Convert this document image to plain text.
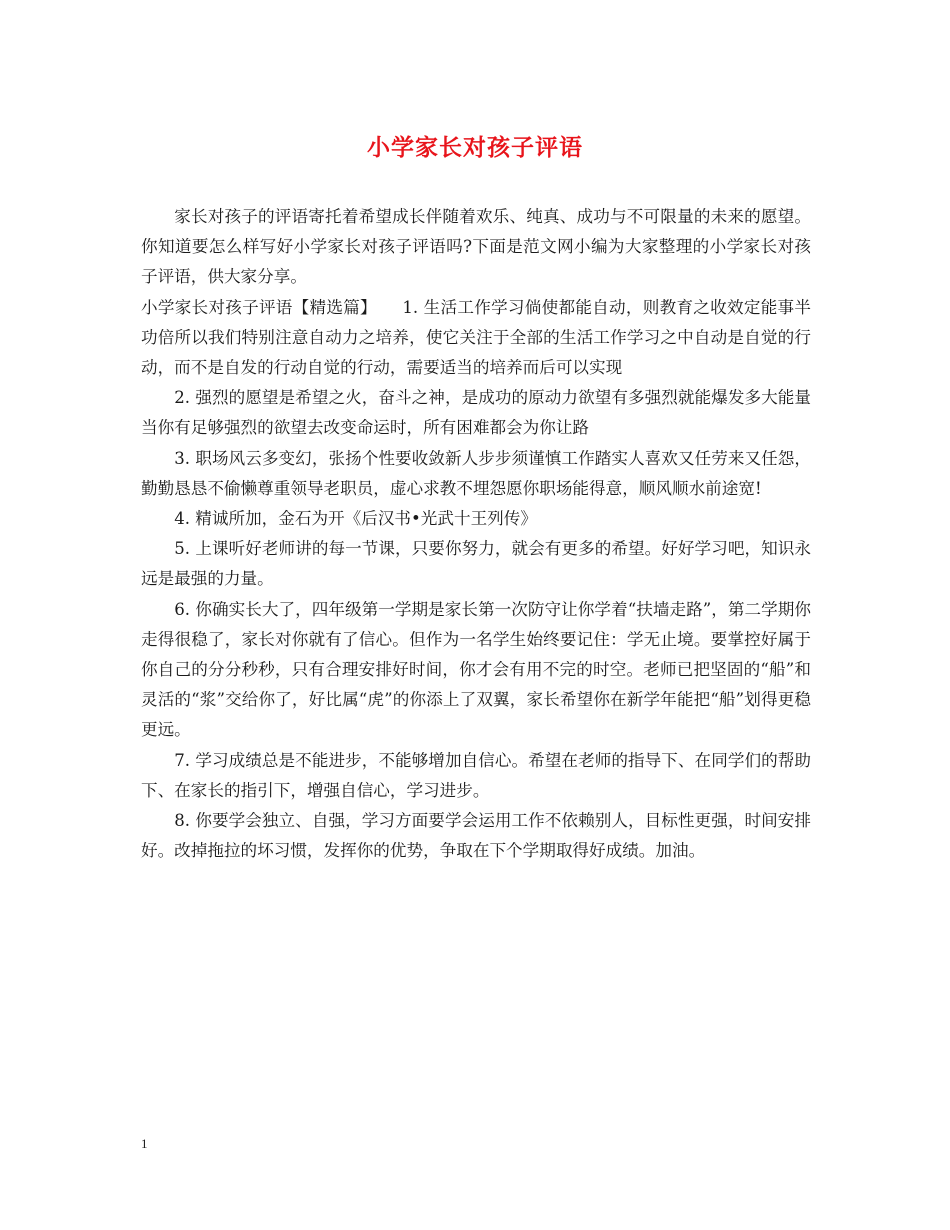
小学家长对孩子评语

家长对孩子的评语寄托着希望成长伴随着欢乐、纯真、成功与不可限量的未来的愿望。你知道要怎么样写好小学家长对孩子评语吗?下面是范文网小编为大家整理的小学家长对孩子评语，供大家分享。

小学家长对孩子评语【精选篇】　　1. 生活工作学习倘使都能自动，则教育之收效定能事半功倍所以我们特别注意自动力之培养，使它关注于全部的生活工作学习之中自动是自觉的行动，而不是自发的行动自觉的行动，需要适当的培养而后可以实现

2. 强烈的愿望是希望之火，奋斗之神，是成功的原动力欲望有多强烈就能爆发多大能量当你有足够强烈的欲望去改变命运时，所有困难都会为你让路

3. 职场风云多变幻，张扬个性要收敛新人步步须谨慎工作踏实人喜欢又任劳来又任怨，勤勤恳恳不偷懒尊重领导老职员，虚心求教不埋怨愿你职场能得意，顺风顺水前途宽!

4. 精诚所加，金石为开《后汉书•光武十王列传》

5. 上课听好老师讲的每一节课，只要你努力，就会有更多的希望。好好学习吧，知识永远是最强的力量。

6. 你确实长大了，四年级第一学期是家长第一次防守让你学着“扶墙走路”，第二学期你走得很稳了，家长对你就有了信心。但作为一名学生始终要记住：学无止境。要掌控好属于你自己的分分秒秒，只有合理安排好时间，你才会有用不完的时空。老师已把坚固的“船”和灵活的“浆”交给你了，好比属“虎”的你添上了双翼，家长希望你在新学年能把“船”划得更稳更远。

7. 学习成绩总是不能进步，不能够增加自信心。希望在老师的指导下、在同学们的帮助下、在家长的指引下，增强自信心，学习进步。

8. 你要学会独立、自强，学习方面要学会运用工作不依赖别人，目标性更强，时间安排好。改掉拖拉的坏习惯，发挥你的优势，争取在下个学期取得好成绩。加油。

1
